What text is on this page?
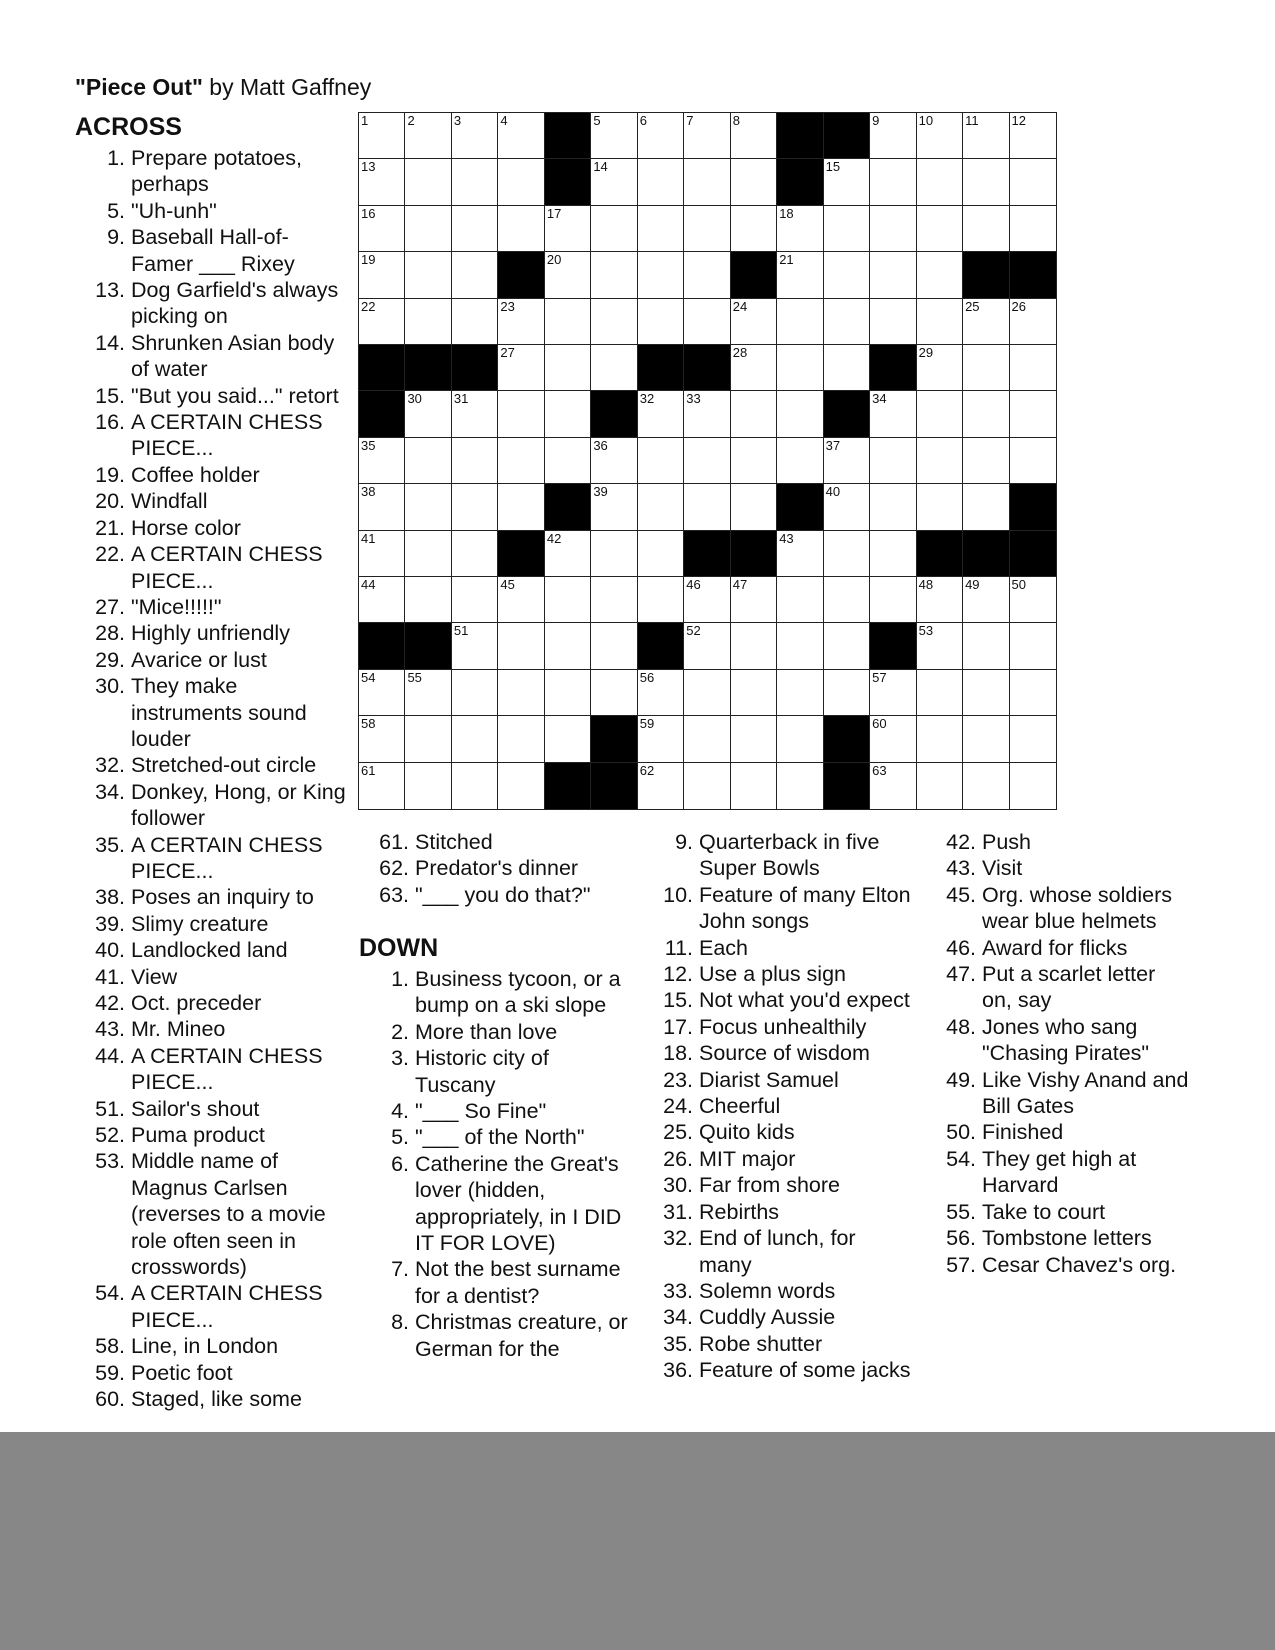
"Piece Out" by Matt Gaffney
ACROSS
1. Prepare potatoes, perhaps
5. "Uh-unh"
9. Baseball Hall-of-Famer ___ Rixey
13. Dog Garfield's always picking on
14. Shrunken Asian body of water
15. "But you said..." retort
16. A CERTAIN CHESS PIECE...
19. Coffee holder
20. Windfall
21. Horse color
22. A CERTAIN CHESS PIECE...
27. "Mice!!!!!"
28. Highly unfriendly
29. Avarice or lust
30. They make instruments sound louder
32. Stretched-out circle
34. Donkey, Hong, or King follower
35. A CERTAIN CHESS PIECE...
38. Poses an inquiry to
39. Slimy creature
40. Landlocked land
41. View
42. Oct. preceder
43. Mr. Mineo
44. A CERTAIN CHESS PIECE...
51. Sailor's shout
52. Puma product
53. Middle name of Magnus Carlsen (reverses to a movie role often seen in crosswords)
54. A CERTAIN CHESS PIECE...
58. Line, in London
59. Poetic foot
60. Staged, like some
1	2	3	4	5	6	7	8	9	10 11	12
13	14	15
16	17	18
19	20	21
22	23	24	25 26
27	28	29
30 31	32 33	34
35	36	37
38	39	40
41	42	43
44	45	46 47	48 49 50
51	52	53
54 55	56	57
58	59	60
61	62	63
61. Stitched
62. Predator's dinner
63. "___ you do that?"
DOWN
1. Business tycoon, or a bump on a ski slope
2. More than love
3. Historic city of Tuscany
4. "___ So Fine"
5. "___ of the North"
6. Catherine the Great's lover (hidden, appropriately, in I DID IT FOR LOVE)
7. Not the best surname for a dentist?
8. Christmas creature, or German for the
9. Quarterback in five Super Bowls
10. Feature of many Elton John songs
11. Each
12. Use a plus sign
15. Not what you'd expect
17. Focus unhealthily
18. Source of wisdom
23. Diarist Samuel
24. Cheerful
25. Quito kids
26. MIT major
30. Far from shore
31. Rebirths
32. End of lunch, for many
33. Solemn words
34. Cuddly Aussie
35. Robe shutter
36. Feature of some jacks
42. Push
43. Visit
45. Org. whose soldiers wear blue helmets
46. Award for flicks
47. Put a scarlet letter on, say
48. Jones who sang "Chasing Pirates"
49. Like Vishy Anand and Bill Gates
50. Finished
54. They get high at Harvard
55. Take to court
56. Tombstone letters
57. Cesar Chavez's org.
